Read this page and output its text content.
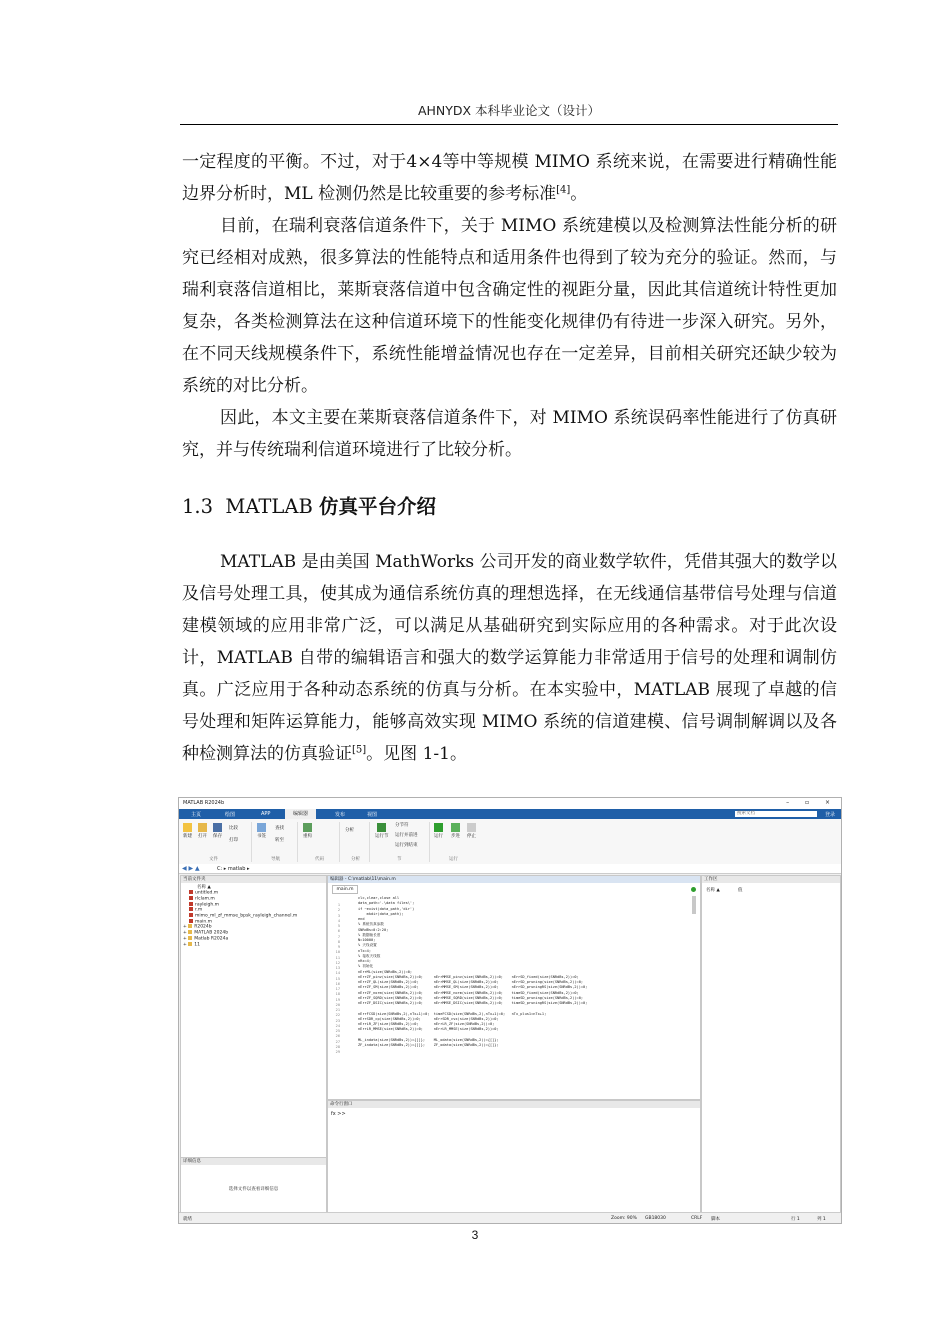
AHNYDX 本科毕业论文（设计）

一定程度的平衡。不过，对于4×4等中等规模 MIMO 系统来说，在需要进行精确性能边界分析时，ML 检测仍然是比较重要的参考标准[4]。

目前，在瑞利衰落信道条件下，关于 MIMO 系统建模以及检测算法性能分析的研究已经相对成熟，很多算法的性能特点和适用条件也得到了较为充分的验证。然而，与瑞利衰落信道相比，莱斯衰落信道中包含确定性的视距分量，因此其信道统计特性更加复杂，各类检测算法在这种信道环境下的性能变化规律仍有待进一步深入研究。另外，在不同天线规模条件下，系统性能增益情况也存在一定差异，目前相关研究还缺少较为系统的对比分析。

因此，本文主要在莱斯衰落信道条件下，对 MIMO 系统误码率性能进行了仿真研究，并与传统瑞利信道环境进行了比较分析。

1.3 MATLAB 仿真平台介绍

MATLAB 是由美国 MathWorks 公司开发的商业数学软件，凭借其强大的数学以及信号处理工具，使其成为通信系统仿真的理想选择，在无线通信基带信号处理与信道建模领域的应用非常广泛，可以满足从基础研究到实际应用的各种需求。对于此次设计，MATLAB 自带的编辑语言和强大的数学运算能力非常适用于信号的处理和调制仿真。广泛应用于各种动态系统的仿真与分析。在本实验中，MATLAB 展现了卓越的信号处理和矩阵运算能力，能够高效实现 MIMO 系统的信道建模、信号调制解调以及各种检测算法的仿真验证[5]。见图 1-1。

MATLAB R2024b	– ▫ ×
主页	绘图	APP	编辑器	发布	视图	搜索文档	登录
新建 打开 保存
比较
打印
书签
查找
转至
重构
分析
运行节
分节符
运行并前进
运行到结束
运行 步进 停止
文件	导航	代码	分析	节	运行
◀ ▶ ▲	C: ▸ matlab ▸
当前文件夹
名称 ▲
untitled.m
rlclam.m
rayleigh.m
r.m
mimo_ml_zf_mmse_bpsk_rayleigh_channel.m
main.m
+ R2024b
+ MATLAB 2024b
+ Matlab R2024a
+ 11
详细信息
选择文件以查看详细信息
编辑器 - C:\matlab\11\main.m
main.m
1
2
3
4
5
6
7
8
9
10
11
12
13
14
15
16
17
18
19
20
21
22
23
24
25
26
27
28
29
clc,clear,close all
data_path='.\data files\';
if ~exist(data_path,'dir')
mkdir(data_path);
end
% 系统仿真参数
SNRdBs=0:2:20;
% 数据帧长度
N=10000;
% 天线设置
nTx=4;
% 接收天线数
nRx=4;
% 初始化
nErrML(size(SNRdBs,2))=0;
nErrZF_pinv(size(SNRdBs,2))=0;     nErrMMSE_pinv(size(SNRdBs,2))=0;    nErrSD_fixed(size(SNRdBs,2))=0;
nErrZF_QL(size(SNRdBs,2))=0;       nErrMMSE_QL(size(SNRdBs,2))=0;      nErrSD_pruning(size(SNRdBs,2))=0;
nErrZF_SM(size(SNRdBs,2))=0;       nErrMMSE_SM(size(SNRdBs,2))=0;      nErrSD_pruningRS(size(SNRdBs,2))=0;
nErrZF_norm(size(SNRdBs,2))=0;     nErrMMSE_norm(size(SNRdBs,2))=0;    timeSD_fixed(size(SNRdBs,2))=0;
nErrZF_SQRD(size(SNRdBs,2))=0;     nErrMMSE_SQRD(size(SNRdBs,2))=0;    timeSD_pruning(size(SNRdBs,2))=0;
nErrZF_DSIC(size(SNRdBs,2))=0;     nErrMMSE_DSIC(size(SNRdBs,2))=0;    timeSD_pruningRS(size(SNRdBs,2))=0;

nErrFCSD(size(SNRdBs,2),nTx+1)=0;  timeFCSD(size(SNRdBs,2),nTx+1)=0;   nTx_plus1=nTx+1;
nErrSDR_cp(size(SNRdBs,2))=0;      nErrSDR_cvx(size(SNRdBs,2))=0;
nErrLR_ZF(size(SNRdBs,2))=0;       nErrLR_ZF(size(SNRdBs,2))=0;
nErrLR_MMSE(size(SNRdBs,2))=0;     nErrLR_MMSE(size(SNRdBs,2))=0;

ML_indata(size(SNRdBs,2))={[]};    ML_odata(size(SNRdBs,2))={[]};
ZF_indata(size(SNRdBs,2))={[]};    ZF_odata(size(SNRdBs,2))={[]};
命令行窗口
fx >>
工作区
名称 ▲	值
就绪	Zoom: 90% GB18030	CRLF 脚本	行 1	列 1
3
